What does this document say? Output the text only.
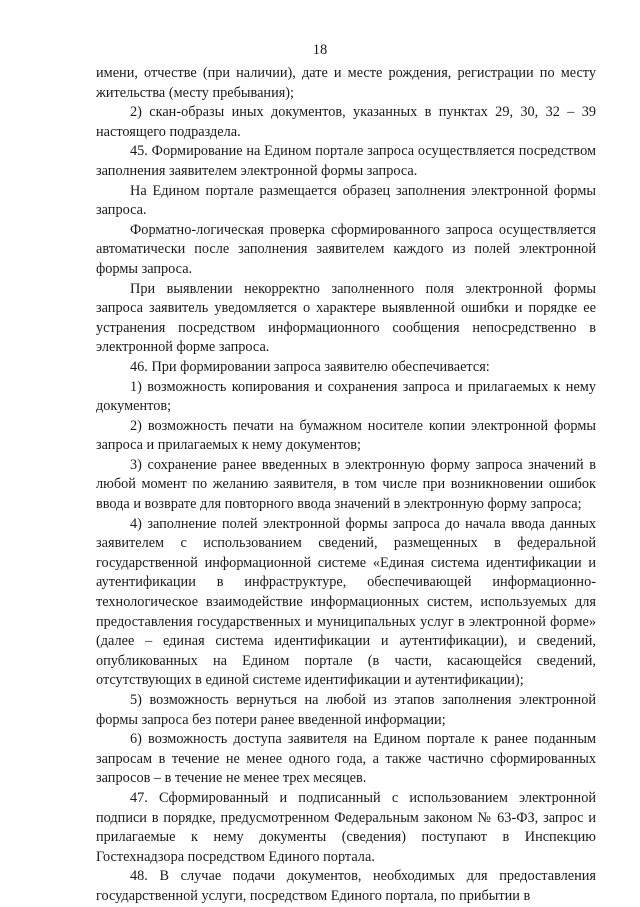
18

имени, отчестве (при наличии), дате и месте рождения, регистрации по месту жительства (месту пребывания);

2) скан-образы иных документов, указанных в пунктах 29, 30, 32 – 39 настоящего подраздела.

45. Формирование на Едином портале запроса осуществляется посредством заполнения заявителем электронной формы запроса.

На Едином портале размещается образец заполнения электронной формы запроса.

Форматно-логическая проверка сформированного запроса осуществляется автоматически после заполнения заявителем каждого из полей электронной формы запроса.

При выявлении некорректно заполненного поля электронной формы запроса заявитель уведомляется о характере выявленной ошибки и порядке ее устранения посредством информационного сообщения непосредственно в электронной форме запроса.

46. При формировании запроса заявителю обеспечивается:

1) возможность копирования и сохранения запроса и прилагаемых к нему документов;

2) возможность печати на бумажном носителе копии электронной формы запроса и прилагаемых к нему документов;

3) сохранение ранее введенных в электронную форму запроса значений в любой момент по желанию заявителя, в том числе при возникновении ошибок ввода и возврате для повторного ввода значений в электронную форму запроса;

4) заполнение полей электронной формы запроса до начала ввода данных заявителем с использованием сведений, размещенных в федеральной государственной информационной системе «Единая система идентификации и аутентификации в инфраструктуре, обеспечивающей информационно-технологическое взаимодействие информационных систем, используемых для предоставления государственных и муниципальных услуг в электронной форме» (далее – единая система идентификации и аутентификации), и сведений, опубликованных на Едином портале (в части, касающейся сведений, отсутствующих в единой системе идентификации и аутентификации);

5) возможность вернуться на любой из этапов заполнения электронной формы запроса без потери ранее введенной информации;

6) возможность доступа заявителя на Едином портале к ранее поданным запросам в течение не менее одного года, а также частично сформированных запросов – в течение не менее трех месяцев.

47. Сформированный и подписанный с использованием электронной подписи в порядке, предусмотренном Федеральным законом № 63-ФЗ, запрос и прилагаемые к нему документы (сведения) поступают в Инспекцию Гостехнадзора посредством Единого портала.

48. В случае подачи документов, необходимых для предоставления государственной услуги, посредством Единого портала, по прибытии в
